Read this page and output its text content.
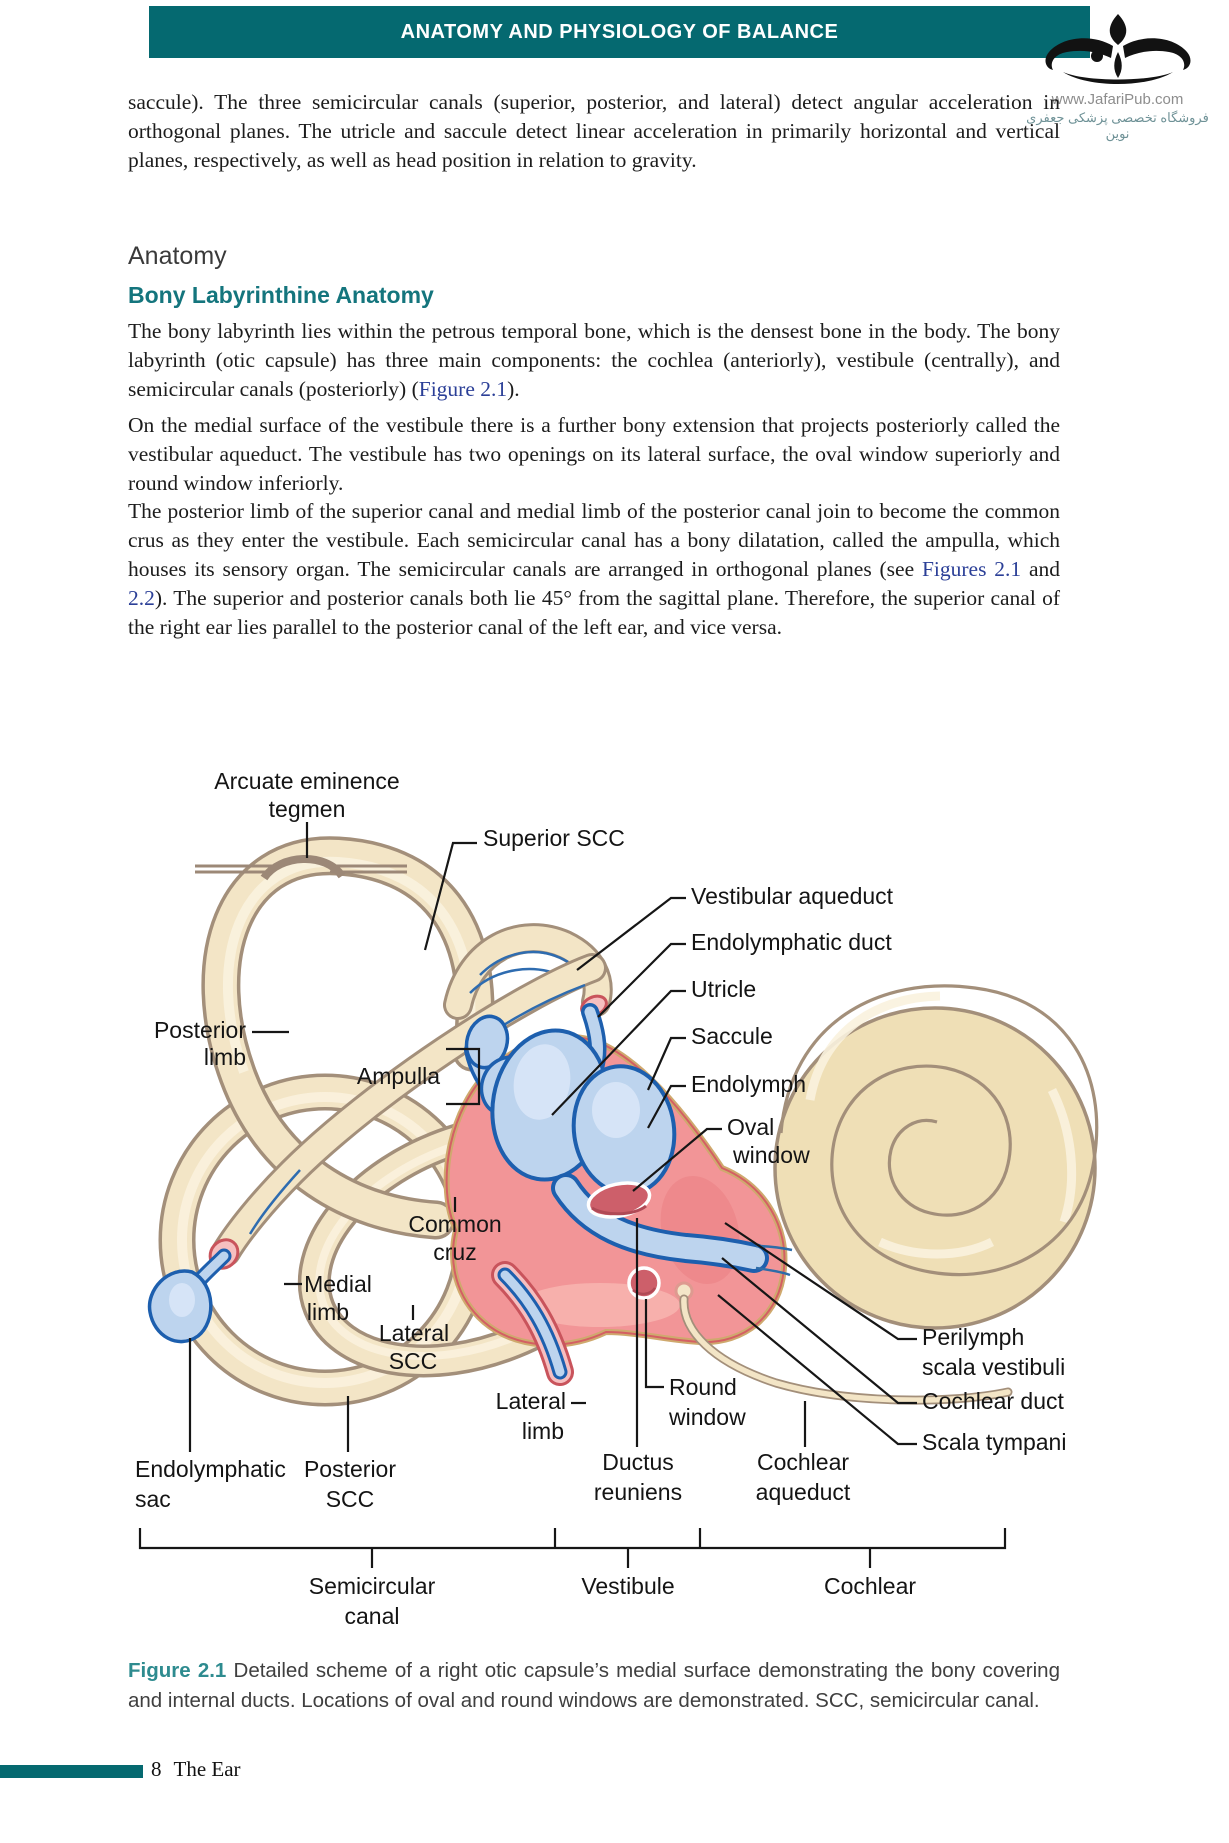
ANATOMY AND PHYSIOLOGY OF BALANCE
www.JafariPub.com
فروشگاه تخصصی پزشکی جعفری نوین
saccule). The three semicircular canals (superior, posterior, and lateral) detect angular acceleration in orthogonal planes. The utricle and saccule detect linear acceleration in primarily horizontal and vertical planes, respectively, as well as head position in relation to gravity.
Anatomy
Bony Labyrinthine Anatomy
The bony labyrinth lies within the petrous temporal bone, which is the densest bone in the body. The bony labyrinth (otic capsule) has three main components: the cochlea (anteriorly), vestibule (centrally), and semicircular canals (posteriorly) (Figure 2.1).
On the medial surface of the vestibule there is a further bony extension that projects posteriorly called the vestibular aqueduct. The vestibule has two openings on its lateral surface, the oval window superiorly and round window inferiorly.
The posterior limb of the superior canal and medial limb of the posterior canal join to become the common crus as they enter the vestibule. Each semicircular canal has a bony dilatation, called the ampulla, which houses its sensory organ. The semicircular canals are arranged in orthogonal planes (see Figures 2.1 and 2.2). The superior and posterior canals both lie 45° from the sagittal plane. Therefore, the superior canal of the right ear lies parallel to the posterior canal of the left ear, and vice versa.
Arcuate eminence
tegmen
Superior SCC
Vestibular aqueduct
Endolymphatic duct
Utricle
Saccule
Endolymph
Oval
window
Posterior
limb
Ampulla
Common
cruz
Medial
limb
Lateral
SCC
Lateral
limb
Round
window
Ductus
reuniens
Cochlear
aqueduct
Endolymphatic
sac
Posterior
SCC
Perilymph
scala vestibuli
Cochlear duct
Scala tympani
Semicircular
canal
Vestibule	Cochlear
Figure 2.1 Detailed scheme of a right otic capsule’s medial surface demonstrating the bony covering and internal ducts. Locations of oval and round windows are demonstrated. SCC, semicircular canal.
8 The Ear
